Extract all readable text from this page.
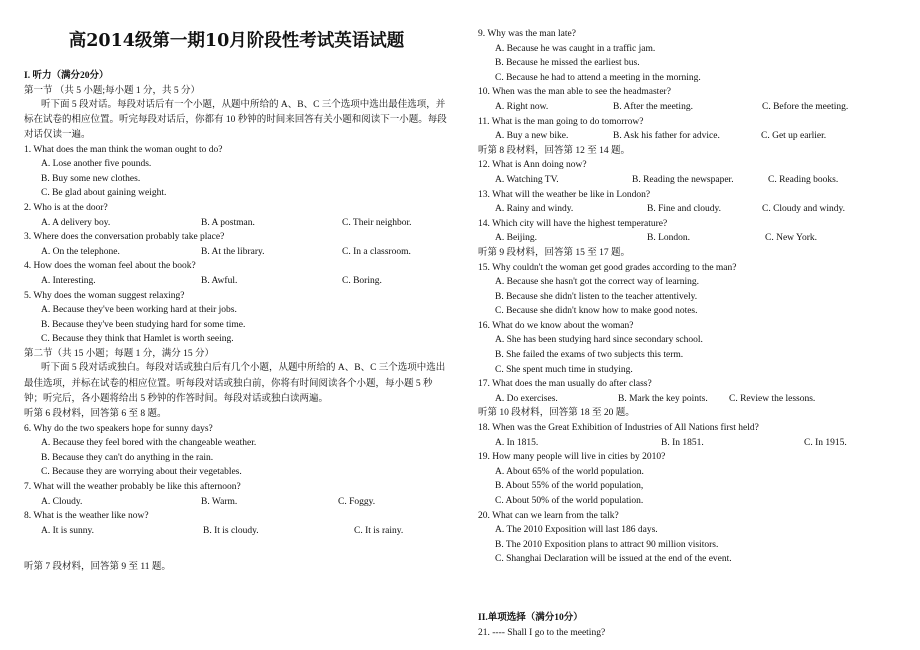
高2014级第一期10月阶段性考试英语试题
I. 听力（满分20分）
第一节 （共 5 小题;每小题 1 分，共 5 分）
听下面 5 段对话。每段对话后有一个小题，从题中所给的 A、B、C 三个选项中选出最佳选项，并标在试卷的相应位置。听完每段对话后，你都有 10 秒钟的时间来回答有关小题和阅读下一小题。每段对话仅读一遍。
1. What does the man think the woman ought to do?
A. Lose another five pounds.
B. Buy some new clothes.
C. Be glad about gaining weight.
2. Who is at the door?
A. A delivery boy.	B. A postman.	C. Their neighbor.
3. Where does the conversation probably take place?
A. On the telephone.	B. At the library.	C. In a classroom.
4. How does the woman feel about the book?
A. Interesting.	B. Awful.	C. Boring.
5. Why does the woman suggest relaxing?
A. Because they've been working hard at their jobs.
B. Because they've been studying hard for some time.
C. Because they think that Hamlet is worth seeing.
第二节（共 15 小题；每题 1 分，满分 15 分）
听下面 5 段对话或独白。每段对话或独白后有几个小题，从题中所给的 A、B、C 三个选项中选出最佳选项，并标在试卷的相应位置。听每段对话或独白前，你将有时间阅读各个小题，每小题 5 秒钟；听完后，各小题将给出 5 秒钟的作答时间。每段对话或独白读两遍。
听第 6 段材料，回答第 6 至 8 题。
6. Why do the two speakers hope for sunny days?
A. Because they feel bored with the changeable weather.
B. Because they can't do anything in the rain.
C. Because they are worrying about their vegetables.
7. What will the weather probably be like this afternoon?
A. Cloudy.	B. Warm.	C. Foggy.
8. What is the weather like now?
A. It is sunny.	B. It is cloudy.	C. It is rainy.
听第 7 段材料，回答第 9 至 11 题。
9. Why was the man late?
A. Because he was caught in a traffic jam.
B. Because he missed the earliest bus.
C. Because he had to attend a meeting in the morning.
10. When was the man able to see the headmaster?
A. Right now.	B. After the meeting.	C. Before the meeting.
11. What is the man going to do tomorrow?
A. Buy a new bike.	B. Ask his father for advice.	C. Get up earlier.
听第 8 段材料，回答第 12 至 14 题。
12. What is Ann doing now?
A. Watching TV.	B. Reading the newspaper.	C. Reading books.
13. What will the weather be like in London?
A. Rainy and windy.	B. Fine and cloudy.	C. Cloudy and windy.
14. Which city will have the highest temperature?
A. Beijing.	B. London.	C. New York.
听第 9 段材料，回答第 15 至 17 题。
15. Why couldn't the woman get good grades according to the man?
A. Because she hasn't got the correct way of learning.
B. Because she didn't listen to the teacher attentively.
C. Because she didn't know how to make good notes.
16. What do we know about the woman?
A. She has been studying hard since secondary school.
B. She failed the exams of two subjects this term.
C. She spent much time in studying.
17. What does the man usually do after class?
A. Do exercises.	B. Mark the key points. C. Review the lessons.
听第 10 段材料，回答第 18 至 20 题。
18. When was the Great Exhibition of Industries of All Nations first held?
A. In 1815.	B. In 1851.	C. In 1915.
19. How many people will live in cities by 2010?
A. About 65% of the world population.
B. About 55% of the world population,
C. About 50% of the world population.
20. What can we learn from the talk?
A. The 2010 Exposition will last 186 days.
B. The 2010 Exposition plans to attract 90 million visitors.
C. Shanghai Declaration will be issued at the end of the event.
II.单项选择（满分10分）
21. ---- Shall I go to the meeting?
